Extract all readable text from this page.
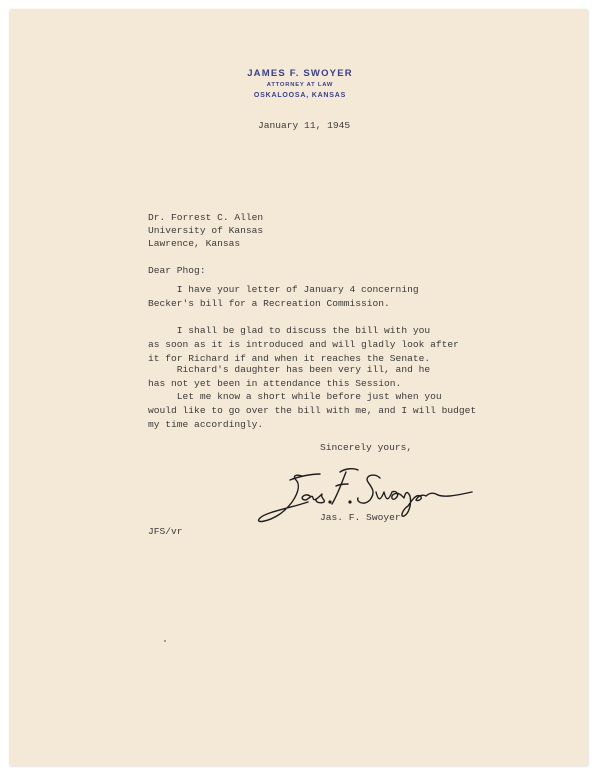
JAMES F. SWOYER
ATTORNEY AT LAW
OSKALOOSA, KANSAS
January 11, 1945
Dr. Forrest C. Allen
University of Kansas
Lawrence, Kansas
Dear Phog:
I have your letter of January 4 concerning
Becker's bill for a Recreation Commission.
I shall be glad to discuss the bill with you
as soon as it is introduced and will gladly look after
it for Richard if and when it reaches the Senate.
Richard's daughter has been very ill, and he
has not yet been in attendance this Session.
Let me know a short while before just when you
would like to go over the bill with me, and I will budget
my time accordingly.
Sincerely yours,
Jas. F. Swoyer
JFS/vr
